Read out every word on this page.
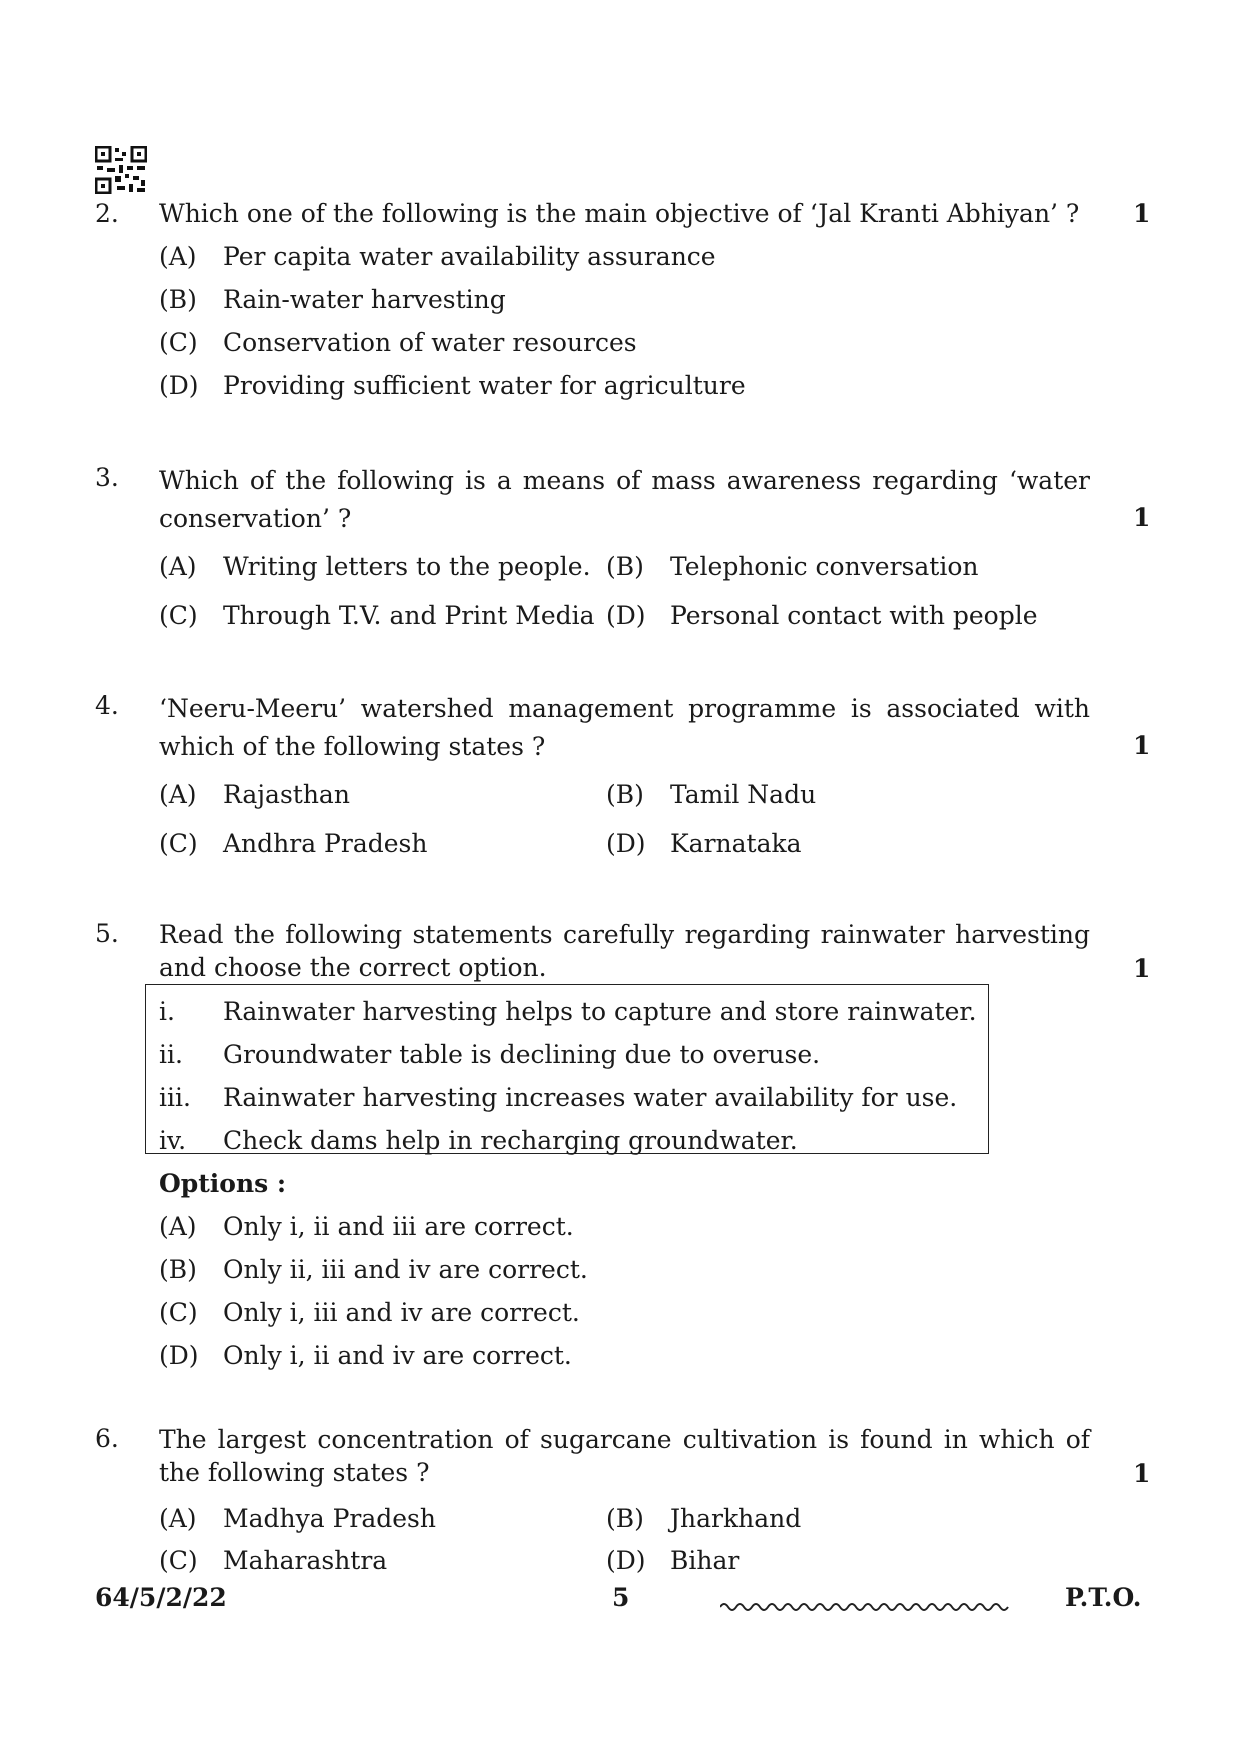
2. Which one of the following is the main objective of ‘Jal Kranti Abhiyan’ ?	1
(A) Per capita water availability assurance
(B) Rain-water harvesting
(C) Conservation of water resources
(D) Providing sufficient water for agriculture
3. Which of the following is a means of mass awareness regarding ‘water conservation’ ?	1
(A) Writing letters to the people. (B) Telephonic conversation
(C) Through T.V. and Print Media (D) Personal contact with people
4. ‘Neeru-Meeru’ watershed management programme is associated with which of the following states ?	1
(A) Rajasthan	(B) Tamil Nadu
(C) Andhra Pradesh	(D) Karnataka
5. Read the following statements carefully regarding rainwater harvesting and choose the correct option.	1
i. Rainwater harvesting helps to capture and store rainwater.
ii. Groundwater table is declining due to overuse.
iii. Rainwater harvesting increases water availability for use.
iv. Check dams help in recharging groundwater.
Options :
(A) Only i, ii and iii are correct.
(B) Only ii, iii and iv are correct.
(C) Only i, iii and iv are correct.
(D) Only i, ii and iv are correct.
6. The largest concentration of sugarcane cultivation is found in which of the following states ?	1
(A) Madhya Pradesh	(B) Jharkhand
(C) Maharashtra	(D) Bihar
64/5/2/22	5	P.T.O.
